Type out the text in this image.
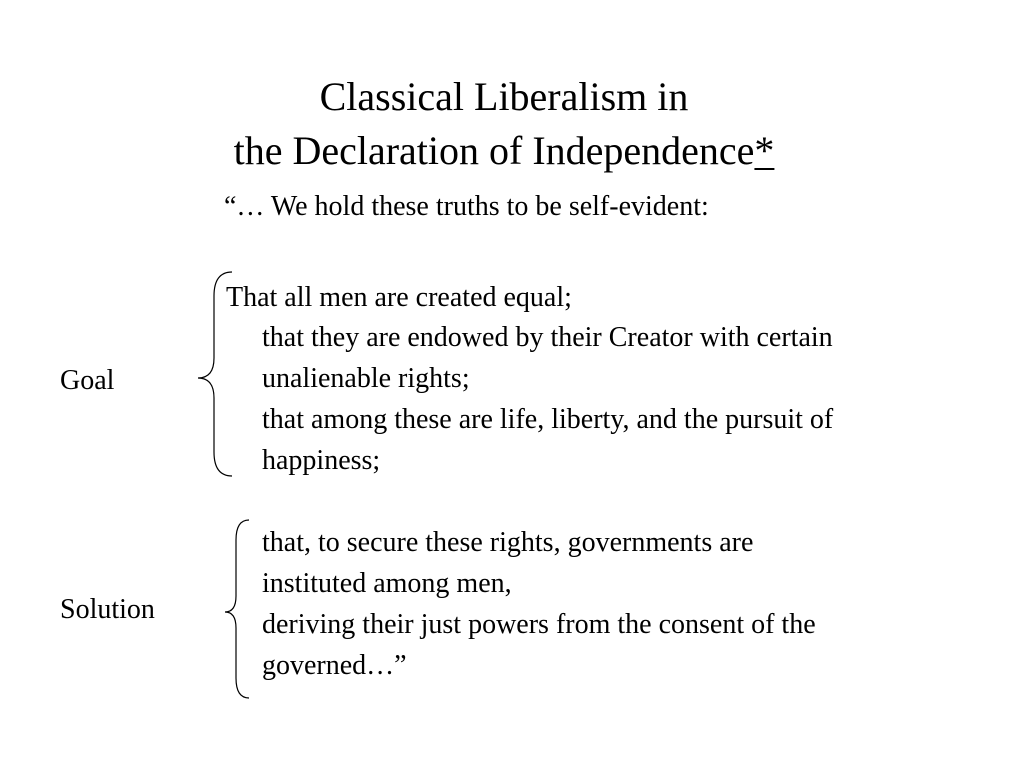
Classical Liberalism in
the Declaration of Independence*
“… We hold these truths to be self-evident:
Goal
That all men are created equal;
that they are endowed by their Creator with certain
unalienable rights;
that among these are life, liberty, and the pursuit of
happiness;
Solution
that, to secure these rights, governments are
instituted among men,
deriving their just powers from the consent of the
governed…”
